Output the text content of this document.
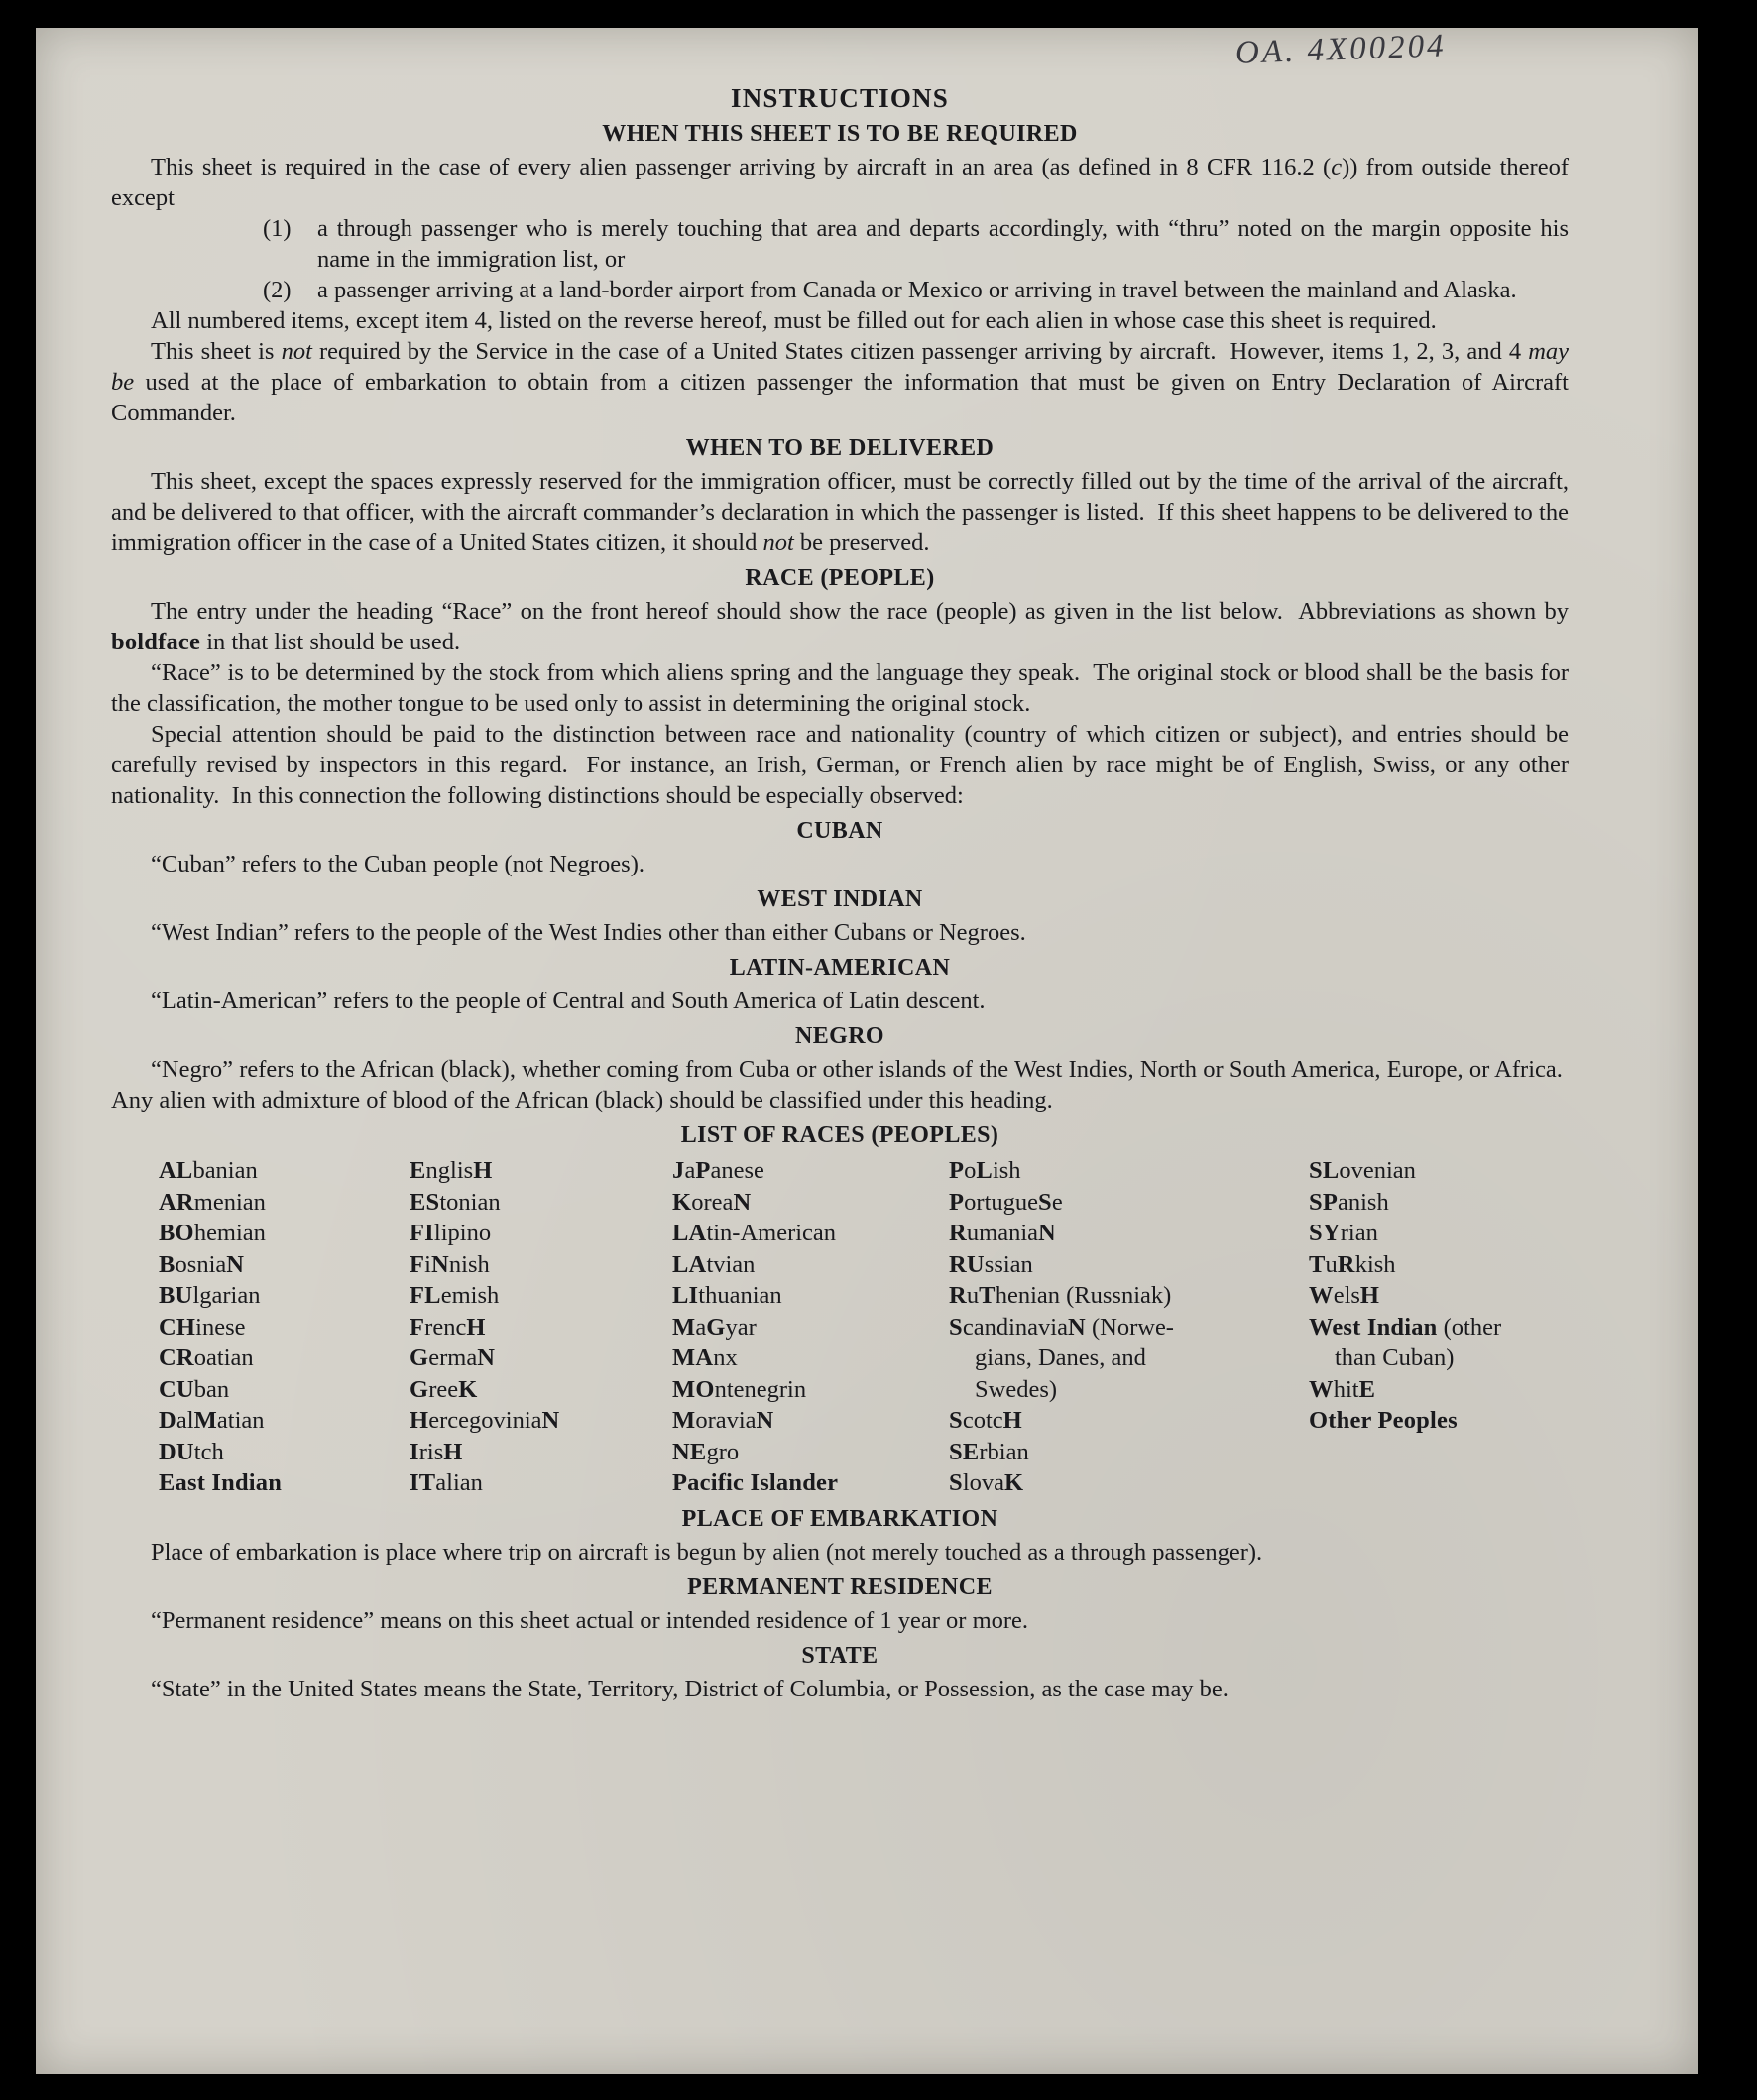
OA. 4X00204
INSTRUCTIONS
WHEN THIS SHEET IS TO BE REQUIRED
This sheet is required in the case of every alien passenger arriving by aircraft in an area (as defined in 8 CFR 116.2 (c)) from outside thereof except
(1) a through passenger who is merely touching that area and departs accordingly, with “thru” noted on the margin opposite his name in the immigration list, or
(2) a passenger arriving at a land-border airport from Canada or Mexico or arriving in travel between the mainland and Alaska.
All numbered items, except item 4, listed on the reverse hereof, must be filled out for each alien in whose case this sheet is required.
This sheet is not required by the Service in the case of a United States citizen passenger arriving by aircraft.  However, items 1, 2, 3, and 4 may be used at the place of embarkation to obtain from a citizen passenger the information that must be given on Entry Declaration of Aircraft Commander.
WHEN TO BE DELIVERED
This sheet, except the spaces expressly reserved for the immigration officer, must be correctly filled out by the time of the arrival of the aircraft, and be delivered to that officer, with the aircraft commander’s declaration in which the passenger is listed.  If this sheet happens to be delivered to the immigration officer in the case of a United States citizen, it should not be preserved.
RACE (PEOPLE)
The entry under the heading “Race” on the front hereof should show the race (people) as given in the list below.  Abbreviations as shown by boldface in that list should be used.
“Race” is to be determined by the stock from which aliens spring and the language they speak.  The original stock or blood shall be the basis for the classification, the mother tongue to be used only to assist in determining the original stock.
Special attention should be paid to the distinction between race and nationality (country of which citizen or subject), and entries should be carefully revised by inspectors in this regard.  For instance, an Irish, German, or French alien by race might be of English, Swiss, or any other nationality.  In this connection the following distinctions should be especially observed:
CUBAN
“Cuban” refers to the Cuban people (not Negroes).
WEST INDIAN
“West Indian” refers to the people of the West Indies other than either Cubans or Negroes.
LATIN-AMERICAN
“Latin-American” refers to the people of Central and South America of Latin descent.
NEGRO
“Negro” refers to the African (black), whether coming from Cuba or other islands of the West Indies, North or South America, Europe, or Africa.  Any alien with admixture of blood of the African (black) should be classified under this heading.
LIST OF RACES (PEOPLES)
ALbanian
ARmenian
BOhemian
BosniaN
BUlgarian
CHinese
CRoatian
CUban
DalMatian
DUtch
East Indian
EnglisH
EStonian
FIlipino
FiNnish
FLemish
FrencH
GermaN
GreeK
HercegoviniaN
IrisH
ITalian
JaPanese
KoreaN
LAtin-American
LAtvian
LIthuanian
MaGyar
MAnx
MOntenegrin
MoraviaN
NEgro
Pacific Islander
PoLish
PortugueSe
RumaniaN
RUssian
RuThenian (Russniak)
ScandinaviaN (Norwe-
gians, Danes, and
Swedes)
ScotcH
SErbian
SlovaK
SLovenian
SPanish
SYrian
TuRkish
WelsH
West Indian (other
than Cuban)
WhitE
Other Peoples
PLACE OF EMBARKATION
Place of embarkation is place where trip on aircraft is begun by alien (not merely touched as a through passenger).
PERMANENT RESIDENCE
“Permanent residence” means on this sheet actual or intended residence of 1 year or more.
STATE
“State” in the United States means the State, Territory, District of Columbia, or Possession, as the case may be.
